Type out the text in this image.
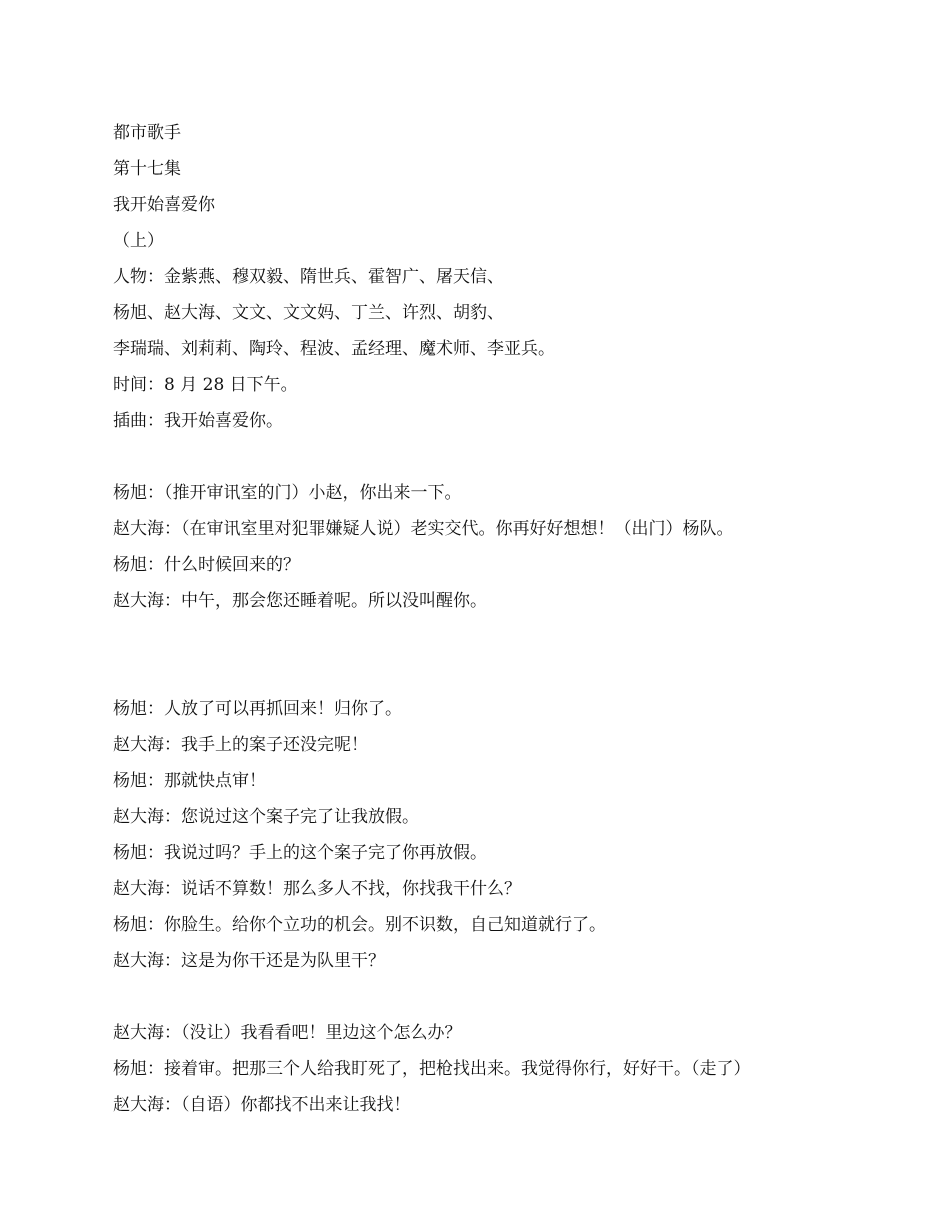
都市歌手
第十七集
我开始喜爱你
（上）
人物：金紫燕、穆双毅、隋世兵、霍智广、屠天信、
杨旭、赵大海、文文、文文妈、丁兰、许烈、胡豹、
李瑞瑞、刘莉莉、陶玲、程波、孟经理、魔术师、李亚兵。
时间：8 月 28 日下午。
插曲：我开始喜爱你。
杨旭：（推开审讯室的门）小赵，你出来一下。
赵大海：（在审讯室里对犯罪嫌疑人说）老实交代。你再好好想想！（出门）杨队。
杨旭：什么时候回来的？
赵大海：中午，那会您还睡着呢。所以没叫醒你。
杨旭：人放了可以再抓回来！归你了。
赵大海：我手上的案子还没完呢！
杨旭：那就快点审！
赵大海：您说过这个案子完了让我放假。
杨旭：我说过吗？手上的这个案子完了你再放假。
赵大海：说话不算数！那么多人不找，你找我干什么？
杨旭：你脸生。给你个立功的机会。别不识数，自己知道就行了。
赵大海：这是为你干还是为队里干？
赵大海：（没让）我看看吧！里边这个怎么办？
杨旭：接着审。把那三个人给我盯死了，把枪找出来。我觉得你行，好好干。（走了）
赵大海：（自语）你都找不出来让我找！
